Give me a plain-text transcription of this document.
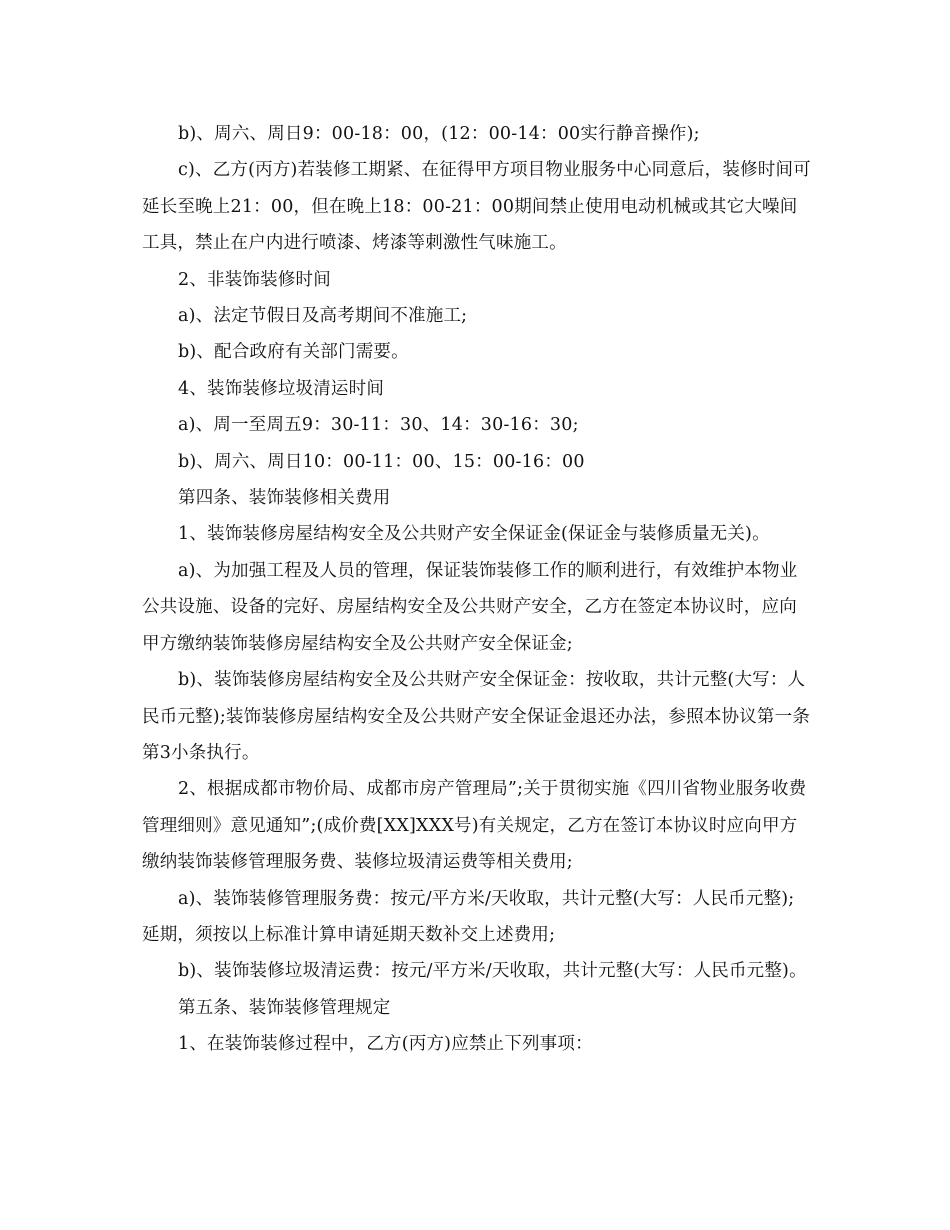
b)、周六、周日9：00-18：00，(12：00-14：00实行静音操作);

c)、乙方(丙方)若装修工期紧、在征得甲方项目物业服务中心同意后，装修时间可延长至晚上21：00，但在晚上18：00-21：00期间禁止使用电动机械或其它大噪间工具，禁止在户内进行喷漆、烤漆等刺激性气味施工。

2、非装饰装修时间

a)、法定节假日及高考期间不准施工;

b)、配合政府有关部门需要。

4、装饰装修垃圾清运时间

a)、周一至周五9：30-11：30、14：30-16：30;

b)、周六、周日10：00-11：00、15：00-16：00

第四条、装饰装修相关费用

1、装饰装修房屋结构安全及公共财产安全保证金(保证金与装修质量无关)。

a)、为加强工程及人员的管理，保证装饰装修工作的顺利进行，有效维护本物业公共设施、设备的完好、房屋结构安全及公共财产安全，乙方在签定本协议时，应向甲方缴纳装饰装修房屋结构安全及公共财产安全保证金;

b)、装饰装修房屋结构安全及公共财产安全保证金：按收取，共计元整(大写：人民币元整);装饰装修房屋结构安全及公共财产安全保证金退还办法，参照本协议第一条第3小条执行。

2、根据成都市物价局、成都市房产管理局”;关于贯彻实施《四川省物业服务收费管理细则》意见通知”;(成价费[XX]XXX号)有关规定，乙方在签订本协议时应向甲方缴纳装饰装修管理服务费、装修垃圾清运费等相关费用;

a)、装饰装修管理服务费：按元/平方米/天收取，共计元整(大写：人民币元整);延期，须按以上标准计算申请延期天数补交上述费用;

b)、装饰装修垃圾清运费：按元/平方米/天收取，共计元整(大写：人民币元整)。

第五条、装饰装修管理规定

1、在装饰装修过程中，乙方(丙方)应禁止下列事项：
